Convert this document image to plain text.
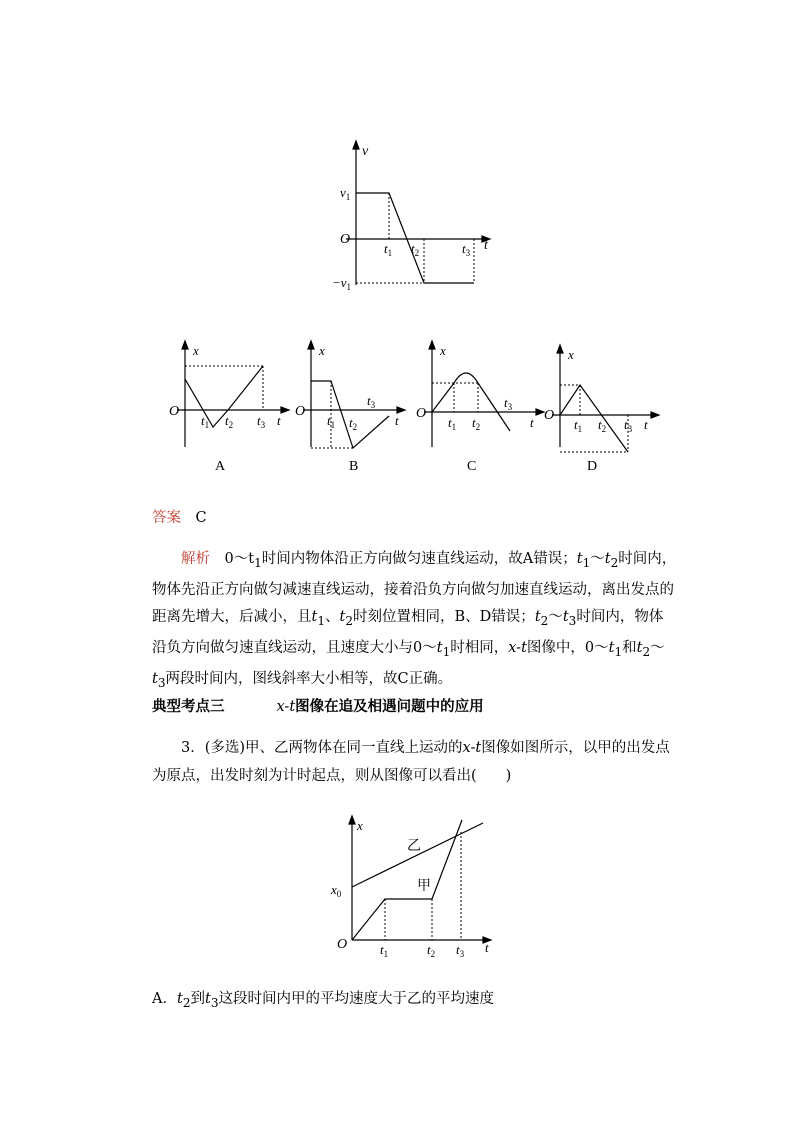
v
t
O
$v_1$
$-v_1$
$t_1$ $t_2$	$t_3$
x
O
$t_1$ $t_2$ $t_3$ t
A
x
O
$t_1$ $t_2$
$t_3$
t
B
x
O
$t_1$ $t_2$
$t_3$
t
C
x
O
$t_1$ $t_2$ $t_3$ t
D

答案　 C

解析　 $0\sim t_1$时间内物体沿正方向做匀速直线运动，故A错误；$t_1\sim t_2$时间内，物体先沿正方向做匀减速直线运动，接着沿负方向做匀加速直线运动，离出发点的距离先增大，后减小，且$t_1$、$t_2$时刻位置相同，B、D错误；$t_2\sim t_3$时间内，物体沿负方向做匀速直线运动，且速度大小与$0\sim t_1$时相同，x-t图像中，$0\sim t_1$和$t_2\sim t_3$两段时间内，图线斜率大小相等，故C正确。

典型考点三	x-t图像在追及相遇问题中的应用

3．(多选)甲、乙两物体在同一直线上运动的x-t图像如图所示，以甲的出发点为原点，出发时刻为计时起点，则从图像可以看出(　　)

x
t
O
$x_0$	甲
乙
$t_1$	$t_2$ $t_3$

A．$t_2$到$t_3$这段时间内甲的平均速度大于乙的平均速度
